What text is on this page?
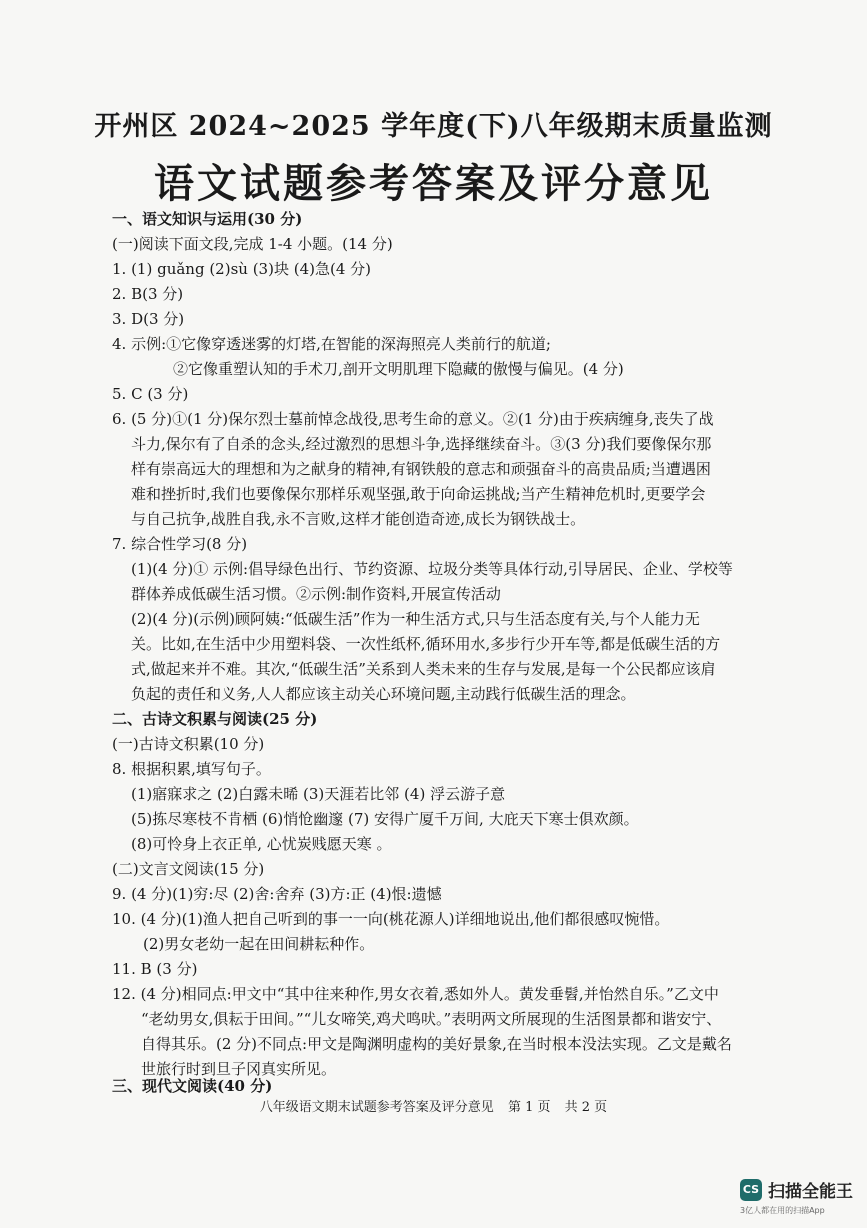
开州区 2024~2025 学年度(下)八年级期末质量监测
语文试题参考答案及评分意见
一、语文知识与运用(30 分)
(一)阅读下面文段,完成 1-4 小题。(14 分)
1. (1) guǎng (2)sù (3)块 (4)急(4 分)
2. B(3 分)
3. D(3 分)
4. 示例:①它像穿透迷雾的灯塔,在智能的深海照亮人类前行的航道;
②它像重塑认知的手术刀,剖开文明肌理下隐藏的傲慢与偏见。(4 分)
5. C (3 分)
6. (5 分)①(1 分)保尔烈士墓前悼念战役,思考生命的意义。②(1 分)由于疾病缠身,丧失了战
斗力,保尔有了自杀的念头,经过激烈的思想斗争,选择继续奋斗。③(3 分)我们要像保尔那
样有崇高远大的理想和为之献身的精神,有钢铁般的意志和顽强奋斗的高贵品质;当遭遇困
难和挫折时,我们也要像保尔那样乐观坚强,敢于向命运挑战;当产生精神危机时,更要学会
与自己抗争,战胜自我,永不言败,这样才能创造奇迹,成长为钢铁战士。
7. 综合性学习(8 分)
(1)(4 分)① 示例:倡导绿色出行、节约资源、垃圾分类等具体行动,引导居民、企业、学校等
群体养成低碳生活习惯。②示例:制作资料,开展宣传活动
(2)(4 分)(示例)顾阿姨:“低碳生活”作为一种生活方式,只与生活态度有关,与个人能力无
关。比如,在生活中少用塑料袋、一次性纸杯,循环用水,多步行少开车等,都是低碳生活的方
式,做起来并不难。其次,“低碳生活”关系到人类未来的生存与发展,是每一个公民都应该肩
负起的责任和义务,人人都应该主动关心环境问题,主动践行低碳生活的理念。
二、古诗文积累与阅读(25 分)
(一)古诗文积累(10 分)
8. 根据积累,填写句子。
(1)寤寐求之 (2)白露未晞 (3)天涯若比邻 (4) 浮云游子意
(5)拣尽寒枝不肯栖 (6)悄怆幽邃 (7) 安得广厦千万间, 大庇天下寒士俱欢颜。
(8)可怜身上衣正单, 心忧炭贱愿天寒 。
(二)文言文阅读(15 分)
9. (4 分)(1)穷:尽 (2)舍:舍弃 (3)方:正 (4)恨:遗憾
10. (4 分)(1)渔人把自己听到的事一一向(桃花源人)详细地说出,他们都很感叹惋惜。
(2)男女老幼一起在田间耕耘种作。
11. B (3 分)
12. (4 分)相同点:甲文中“其中往来种作,男女衣着,悉如外人。黄发垂髫,并怡然自乐。”乙文中
“老幼男女,俱耘于田间。”“儿女啼笑,鸡犬鸣吠。”表明两文所展现的生活图景都和谐安宁、
自得其乐。(2 分)不同点:甲文是陶渊明虚构的美好景象,在当时根本没法实现。乙文是戴名
世旅行时到旦子冈真实所见。
三、现代文阅读(40 分)
八年级语文期末试题参考答案及评分意见 第 1 页 共 2 页
CS 扫描全能王
3亿人都在用的扫描App
